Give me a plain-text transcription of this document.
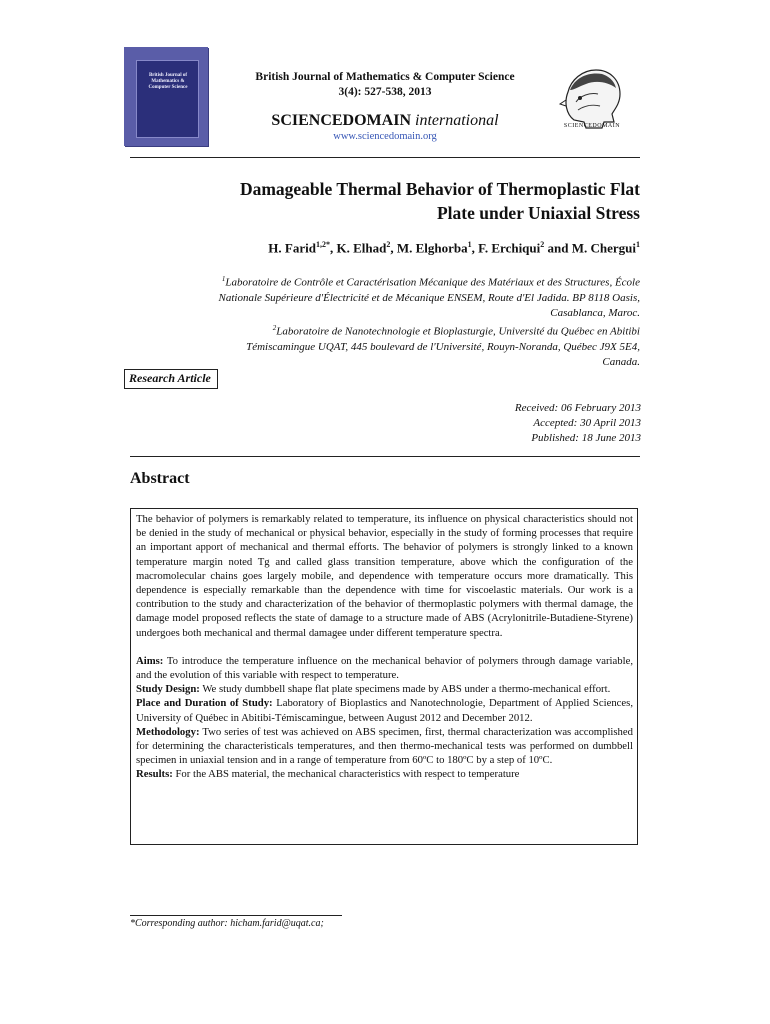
British Journal of Mathematics & Computer Science
British Journal of Mathematics & Computer Science
3(4): 527-538, 2013
SCIENCEDOMAIN international
www.sciencedomain.org
SCIENCEDOMAIN
Damageable Thermal Behavior of Thermoplastic Flat
Plate under Uniaxial Stress
H. Farid$^{1,2*}$, K. Elhad$^2$, M. Elghorba$^1$, F. Erchiqui$^2$ and M. Chergui$^1$
$^1$Laboratoire de Contrôle et Caractérisation Mécanique des Matériaux et des Structures, École
Nationale Supérieure d'Électricité et de Mécanique ENSEM, Route d'El Jadida. BP 8118 Oasis,
Casablanca, Maroc.
$^2$Laboratoire de Nanotechnologie et Bioplasturgie, Université du Québec en Abitibi
Témiscamingue UQAT, 445 boulevard de l'Université, Rouyn-Noranda, Québec J9X 5E4,
Canada.
Research Article
Received: 06 February 2013
Accepted: 30 April 2013
Published: 18 June 2013
Abstract

The behavior of polymers is remarkably related to temperature, its influence on physical characteristics should not be denied in the study of mechanical or physical behavior, especially in the study of forming processes that require an important apport of mechanical and thermal efforts. The behavior of polymers is strongly linked to a known temperature margin noted Tg and called glass transition temperature, above which the configuration of the macromolecular chains goes largely mobile, and dependence with temperature occurs more dramatically. This dependence is especially remarkable than the dependence with time for viscoelastic materials. Our work is a contribution to the study and characterization of the behavior of thermoplastic polymers with thermal damage, the damage model proposed reflects the state of damage to a structure made of ABS (Acrylonitrile-Butadiene-Styrene) undergoes both mechanical and thermal damagee under different temperature spectra.

Aims: To introduce the temperature influence on the mechanical behavior of polymers through damage variable, and the evolution of this variable with respect to temperature.

Study Design: We study dumbbell shape flat plate specimens made by ABS under a thermo-mechanical effort.

Place and Duration of Study: Laboratory of Bioplastics and Nanotechnologie, Department of Applied Sciences, University of Québec in Abitibi-Témiscamingue, between August 2012 and December 2012.

Methodology: Two series of test was achieved on ABS specimen, first, thermal characterization was accomplished for determining the characteristicals temperatures, and then thermo-mechanical tests was performed on dumbbell specimen in uniaxial tension and in a range of temperature from 60ºC to 180ºC by a step of 10ºC.

Results: For the ABS material, the mechanical characteristics with respect to temperature

*Corresponding author: hicham.farid@uqat.ca;
